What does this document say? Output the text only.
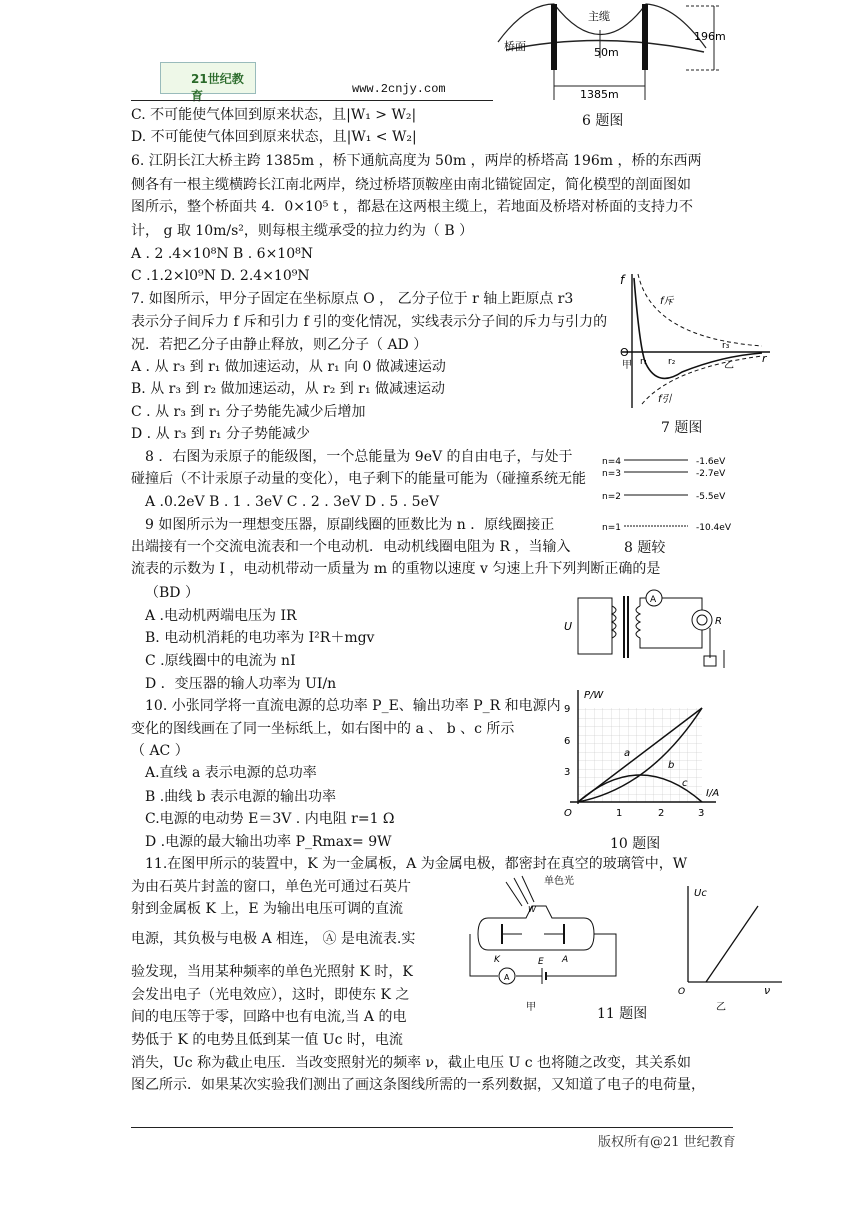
21世纪教育	www.2cnjy.com
主缆
桥面	50m
196m
1385m
6 题图
C. 不可能使气体回到原来状态，且|W₁ > W₂|
D. 不可能使气体回到原来状态，且|W₁ < W₂|
6. 江阴长江大桥主跨 1385m ，桥下通航高度为 50m ，两岸的桥塔高 196m ，桥的东西两
侧各有一根主缆横跨长江南北两岸，绕过桥塔顶鞍座由南北锚锭固定，简化模型的剖面图如
图所示，整个桥面共 4．0×10⁵ t ，都悬在这两根主缆上，若地面及桥塔对桥面的支持力不
计， g 取 10m/s²，则每根主缆承受的拉力约为（ B ）
A . 2 .4×10⁸N B . 6×10⁸N
C .1.2×l0⁹N D. 2.4×10⁹N
7. 如图所示，甲分子固定在坐标原点 O ， 乙分子位于 r 轴上距原点 r3
表示分子间斥力 f 斥和引力 f 引的变化情况，实线表示分子间的斥力与引力的
况．若把乙分子由静止释放，则乙分子（ AD ）
A . 从 r₃ 到 r₁ 做加速运动，从 r₁ 向 0 做减速运动
B. 从 r₃ 到 r₂ 做加速运动，从 r₂ 到 r₁ 做减速运动
C . 从 r₃ 到 r₁ 分子势能先减少后增加
D . 从 r₃ 到 r₁ 分子势能减少
8 ．右图为汞原子的能级图，一个总能量为 9eV 的自由电子，与处于
碰撞后（不计汞原子动量的变化），电子剩下的能量可能为（碰撞系统无能
A .0.2eV B . 1 . 3eV C . 2 . 3eV D . 5 . 5eV
9 如图所示为一理想变压器，原副线圈的匝数比为 n ．原线圈接正
出端接有一个交流电流表和一个电动机．电动机线圈电阻为 R ，当输入
流表的示数为 I ，电动机带动一质量为 m 的重物以速度 v 匀速上升下列判断正确的是
（BD ）
A .电动机两端电压为 IR
B. 电动机消耗的电功率为 I²R＋mgv
C .原线圈中的电流为 nI
D ．变压器的输人功率为 UI/n
10. 小张同学将一直流电源的总功率 P_E、输出功率 P_R 和电源内
变化的图线画在了同一坐标纸上，如右图中的 a 、 b 、c 所示
（ AC ）
A.直线 a 表示电源的总功率
B .曲线 b 表示电源的输出功率
C.电源的电动势 E＝3V . 内电阻 r=1 Ω
D .电源的最大输出功率 P_Rmax= 9W
11.在图甲所示的装置中，K 为一金属板，A 为金属电极，都密封在真空的玻璃管中，W
为由石英片封盖的窗口，单色光可通过石英片
射到金属板 K 上，E 为输出电压可调的直流
电源，其负极与电极 A 相连， Ⓐ 是电流表.实
验发现，当用某种频率的单色光照射 K 时，K
会发出电子（光电效应），这时，即使东 K 之
间的电压等于零，回路中也有电流,当 A 的电
势低于 K 的电势且低到某一值 Uc 时，电流
消失，Uc 称为截止电压．当改变照射光的频率 ν，截止电压 U c 也将随之改变，其关系如
图乙所示．如果某次实验我们测出了画这条图线所需的一系列数据，又知道了电子的电荷量，
f
f斥
f引
O	r
r₁ r₂
r₃
甲	乙
7 题图
n=4
n=3
n=2
n=1
-1.6eV
-2.7eV
-5.5eV
-10.4eV
8 题较
U
A
R
P/W
I/A
9
6
3
1	2	3
O
a
b
c
10 题图
单色光
W
K	A
A
E
甲	11 题图
Uc
ν
O
乙
版权所有@21 世纪教育
